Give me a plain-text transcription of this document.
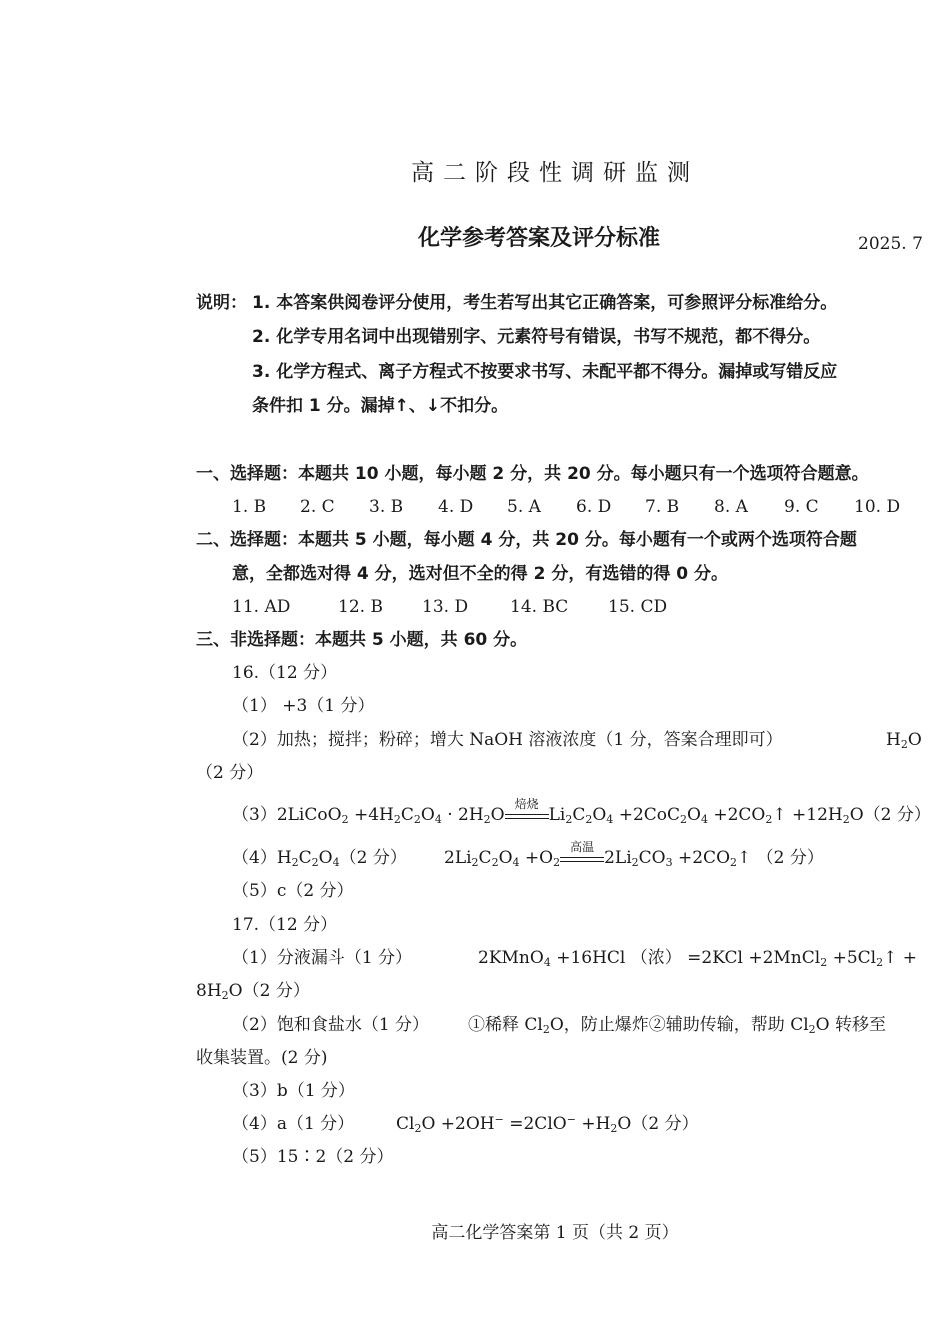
高二阶段性调研监测
化学参考答案及评分标准	2025. 7
说明： 1. 本答案供阅卷评分使用，考生若写出其它正确答案，可参照评分标准给分。
2. 化学专用名词中出现错别字、元素符号有错误，书写不规范，都不得分。
3. 化学方程式、离子方程式不按要求书写、未配平都不得分。漏掉或写错反应
条件扣 1 分。漏掉↑、↓不扣分。
一、选择题：本题共 10 小题，每小题 2 分，共 20 分。每小题只有一个选项符合题意。
1. B 2. C 3. B 4. D 5. A 6. D 7. B 8. A 9. C 10. D
二、选择题：本题共 5 小题，每小题 4 分，共 20 分。每小题有一个或两个选项符合题
意，全都选对得 4 分，选对但不全的得 2 分，有选错的得 0 分。
11. AD	12. B 13. D 14. BC 15. CD
三、非选择题：本题共 5 小题，共 60 分。
16.（12 分）
（1） +3（1 分）
（2）加热；搅拌；粉碎；增大 NaOH 溶液浓度（1 分，答案合理即可）	$H_2O$
（2 分）
（3）2LiCoO$_2$ $+4H_2C_2O_4 \cdot 2H_2O$
焙烧
$Li_2C_2O_4 +2CoC_2O_4$ $+2CO_2↑ +12H_2O(2$ 分）
$(4)H_2C_2O_4(2$ 分） $2Li_2C_2O_4 +O_2$
高温
$2Li_2CO_3$ $+2CO_2↑$ （2 分）
（5）c（2 分）
17.（12 分）
（1）分液漏斗（1 分）	2KMnO$_4$ +16HCl （浓） =2KCl +2MnCl$_2$ $+5Cl_2↑$ +
$8H_2O(2$ 分）
（2）饱和食盐水（1 分） ①稀释 $Cl_2O$，防止爆炸②辅助传输，帮助 $Cl_2O$ 转移至
收集装置。(2 分)
（3）b（1 分）
（4）a（1 分） $Cl_2O +2OH^- =2ClO^- +H_2O(2$ 分）
（5）15∶2（2 分）
高二化学答案第 1 页（共 2 页）
